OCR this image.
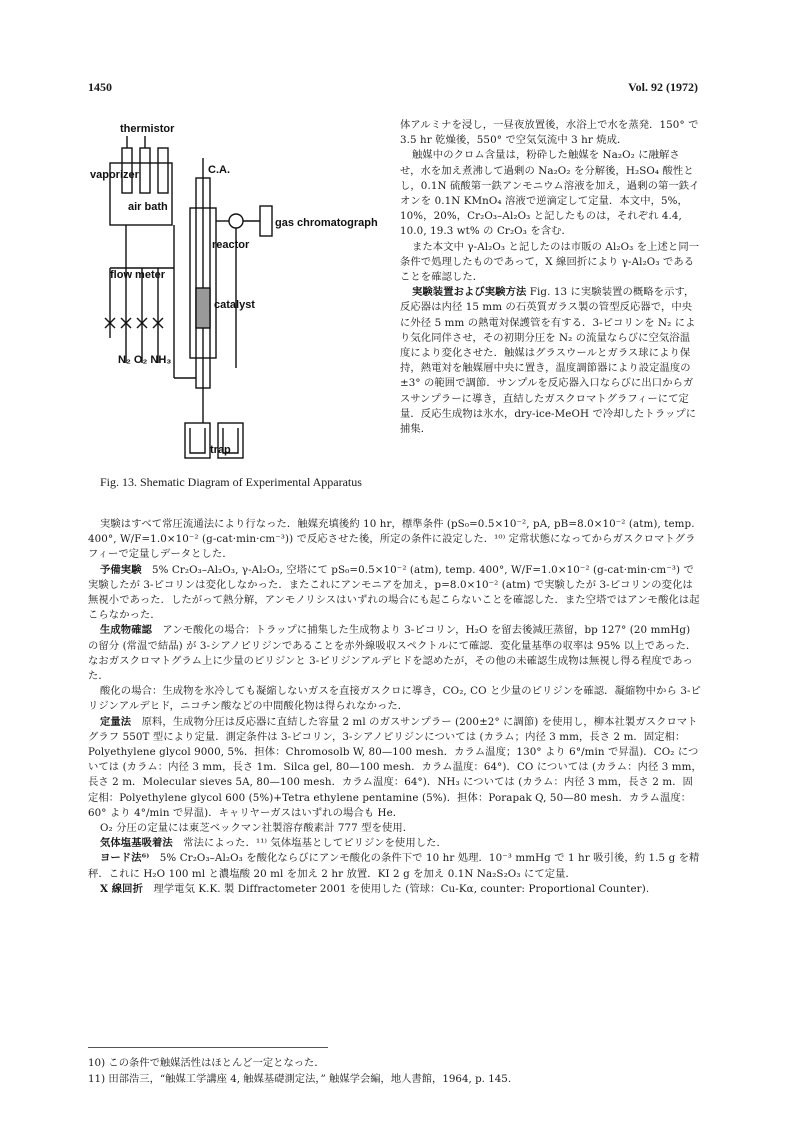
1450	Vol. 92 (1972)
thermistor
vaporizer	C.A.
air bath
gas chromatograph
reactor
flow meter
catalyst
N₂ O₂ NH₃
trap
Fig. 13. Shematic Diagram of Experimental Apparatus

体アルミナを浸し，一昼夜放置後，水浴上で水を蒸発．150° で 3.5 hr 乾燥後，550° で空気気流中 3 hr 焼成．

触媒中のクロム含量は，粉砕した触媒を Na₂O₂ に融解させ，水を加え煮沸して過剰の Na₂O₂ を分解後，H₂SO₄ 酸性とし，0.1N 硫酸第一鉄アンモニウム溶液を加え，過剰の第一鉄イオンを 0.1N KMnO₄ 溶液で逆滴定して定量．本文中，5%，10%，20%，Cr₂O₃–Al₂O₃ と記したものは，それぞれ 4.4, 10.0, 19.3 wt% の Cr₂O₃ を含む．

また本文中 γ-Al₂O₃ と記したのは市販の Al₂O₃ を上述と同一条件で処理したものであって，X 線回折により γ-Al₂O₃ であることを確認した．

実験装置および実験方法 Fig. 13 に実験装置の概略を示す，反応器は内径 15 mm の石英質ガラス製の管型反応器で，中央に外径 5 mm の熱電対保護管を有する．3-ピコリンを N₂ により気化同伴させ，その初期分圧を N₂ の流量ならびに空気浴温度により変化させた．触媒はグラスウールとガラス球により保持，熱電対を触媒層中央に置き，温度調節器により設定温度の ±3° の範囲で調節．サンプルを反応器入口ならびに出口からガスサンプラーに導き，直結したガスクロマトグラフィーにて定量．反応生成物は氷水，dry-ice-MeOH で冷却したトラップに捕集．

実験はすべて常圧流通法により行なった．触媒充填後約 10 hr，標準条件 (pS₀=0.5×10⁻², pA, pB=8.0×10⁻² (atm), temp. 400°, W/F=1.0×10⁻² (g-cat·min·cm⁻³)) で反応させた後，所定の条件に設定した．¹⁰⁾ 定常状態になってからガスクロマトグラフィーで定量しデータとした．

予備実験　 5% Cr₂O₃–Al₂O₃, γ-Al₂O₃, 空塔にて pS₀=0.5×10⁻² (atm), temp. 400°, W/F=1.0×10⁻² (g-cat·min·cm⁻³) で実験したが 3-ピコリンは変化しなかった．またこれにアンモニアを加え，p=8.0×10⁻² (atm) で実験したが 3-ピコリンの変化は無視小であった．したがって熱分解，アンモノリシスはいずれの場合にも起こらないことを確認した．また空塔ではアンモ酸化は起こらなかった．

生成物確認　 アンモ酸化の場合：トラップに捕集した生成物より 3-ピコリン，H₂O を留去後減圧蒸留，bp 127° (20 mmHg) の留分 (常温で結晶) が 3-シアノピリジンであることを赤外線吸収スペクトルにて確認．変化量基準の収率は 95% 以上であった．なおガスクロマトグラム上に少量のピリジンと 3-ピリジンアルデヒドを認めたが，その他の未確認生成物は無視し得る程度であった．

酸化の場合：生成物を氷冷しても凝縮しないガスを直接ガスクロに導き，CO₂, CO と少量のピリジンを確認．凝縮物中から 3-ピリジンアルデヒド，ニコチン酸などの中間酸化物は得られなかった．

定量法　 原料，生成物分圧は反応器に直結した容量 2 ml のガスサンプラー (200±2° に調節) を使用し，柳本社製ガスクロマトグラフ 550T 型により定量．測定条件は 3-ピコリン，3-シアノピリジンについては (カラム；内径 3 mm，長さ 2 m．固定相：Polyethylene glycol 9000, 5%．担体：Chromosolb W, 80—100 mesh．カラム温度；130° より 6°/min で昇温)．CO₂ については (カラム：内径 3 mm，長さ 1m．Silca gel, 80—100 mesh．カラム温度：64°)．CO については (カラム：内径 3 mm，長さ 2 m．Molecular sieves 5A, 80—100 mesh．カラム温度：64°)．NH₃ については (カラム：内径 3 mm，長さ 2 m．固定相：Polyethylene glycol 600 (5%)+Tetra ethylene pentamine (5%)．担体：Porapak Q, 50—80 mesh．カラム温度：60° より 4°/min で昇温)．キャリヤーガスはいずれの場合も He．

O₂ 分圧の定量には東芝ベックマン社製溶存酸素計 777 型を使用．

気体塩基吸着法　 常法によった．¹¹⁾ 気体塩基としてピリジンを使用した．

ヨード法⁶⁾　 5% Cr₂O₃–Al₂O₃ を酸化ならびにアンモ酸化の条件下で 10 hr 処理．10⁻³ mmHg で 1 hr 吸引後，約 1.5 g を精秤．これに H₂O 100 ml と濃塩酸 20 ml を加え 2 hr 放置．KI 2 g を加え 0.1N Na₂S₂O₃ にて定量．

X 線回折　 理学電気 K.K. 製 Diffractometer 2001 を使用した (管球：Cu-Kα, counter: Proportional Counter).

10) この条件で触媒活性はほとんど一定となった．
11) 田部浩三，“触媒工学講座 4, 触媒基礎測定法，” 触媒学会編，地人書館，1964, p. 145.
